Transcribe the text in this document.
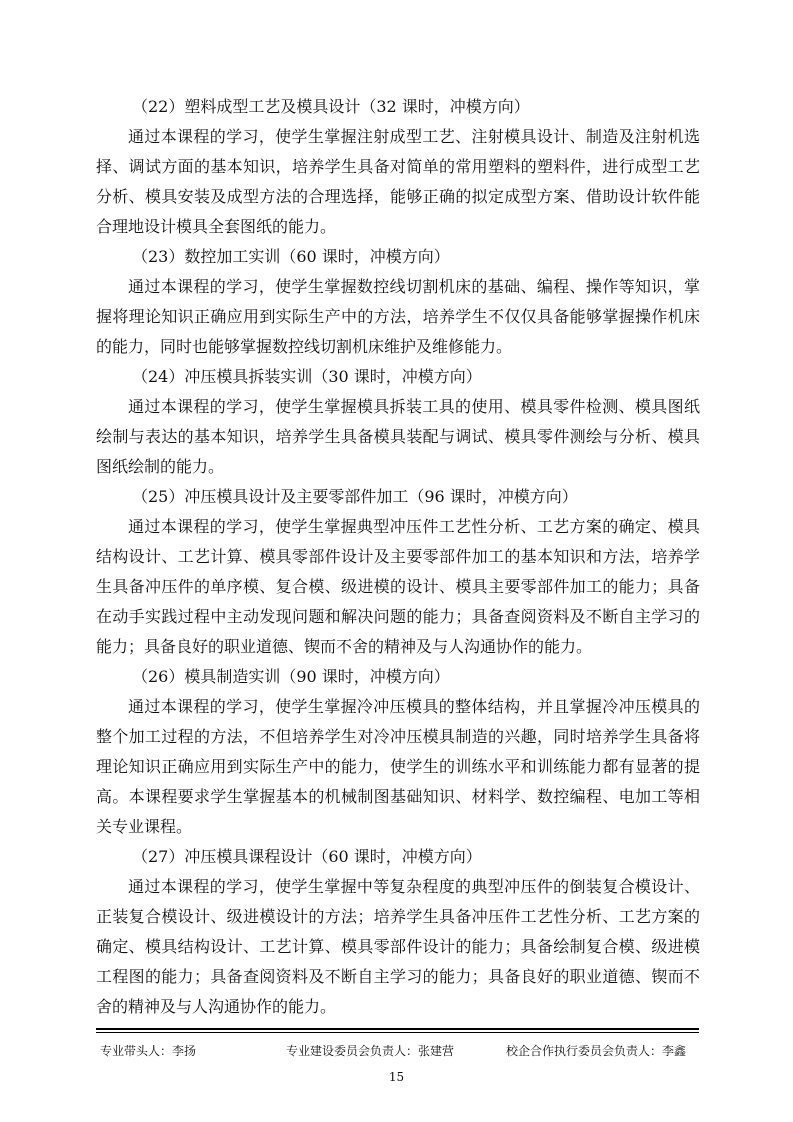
（22）塑料成型工艺及模具设计（32 课时，冲模方向）

通过本课程的学习，使学生掌握注射成型工艺、注射模具设计、制造及注射机选择、调试方面的基本知识，培养学生具备对简单的常用塑料的塑料件，进行成型工艺分析、模具安装及成型方法的合理选择，能够正确的拟定成型方案、借助设计软件能合理地设计模具全套图纸的能力。

（23）数控加工实训（60 课时，冲模方向）

通过本课程的学习，使学生掌握数控线切割机床的基础、编程、操作等知识，掌握将理论知识正确应用到实际生产中的方法，培养学生不仅仅具备能够掌握操作机床的能力，同时也能够掌握数控线切割机床维护及维修能力。

（24）冲压模具拆装实训（30 课时，冲模方向）

通过本课程的学习，使学生掌握模具拆装工具的使用、模具零件检测、模具图纸绘制与表达的基本知识，培养学生具备模具装配与调试、模具零件测绘与分析、模具图纸绘制的能力。

（25）冲压模具设计及主要零部件加工（96 课时，冲模方向）

通过本课程的学习，使学生掌握典型冲压件工艺性分析、工艺方案的确定、模具结构设计、工艺计算、模具零部件设计及主要零部件加工的基本知识和方法，培养学生具备冲压件的单序模、复合模、级进模的设计、模具主要零部件加工的能力；具备在动手实践过程中主动发现问题和解决问题的能力；具备查阅资料及不断自主学习的能力；具备良好的职业道德、锲而不舍的精神及与人沟通协作的能力。

（26）模具制造实训（90 课时，冲模方向）

通过本课程的学习，使学生掌握冷冲压模具的整体结构，并且掌握冷冲压模具的整个加工过程的方法，不但培养学生对冷冲压模具制造的兴趣，同时培养学生具备将理论知识正确应用到实际生产中的能力，使学生的训练水平和训练能力都有显著的提高。本课程要求学生掌握基本的机械制图基础知识、材料学、数控编程、电加工等相关专业课程。

（27）冲压模具课程设计（60 课时，冲模方向）

通过本课程的学习，使学生掌握中等复杂程度的典型冲压件的倒装复合模设计、正装复合模设计、级进模设计的方法；培养学生具备冲压件工艺性分析、工艺方案的确定、模具结构设计、工艺计算、模具零部件设计的能力；具备绘制复合模、级进模工程图的能力；具备查阅资料及不断自主学习的能力；具备良好的职业道德、锲而不舍的精神及与人沟通协作的能力。

专业带头人：李扬	专业建设委员会负责人：张建营	校企合作执行委员会负责人：李鑫
15
